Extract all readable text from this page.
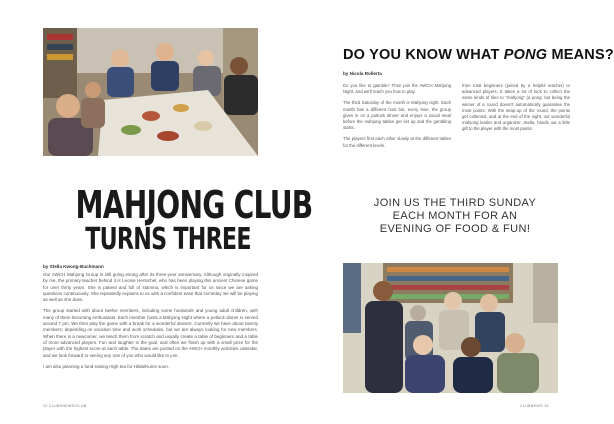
DO YOU KNOW WHAT PONG MEANS?
by Nicola Rollerta

Do you like to gamble? Then join the AWCH Mahjong Night, and we'll teach you how to play.

The third Saturday of the month is Mahjong night. Each month has a different host but, every time, the group gives in on a potluck dinner and enjoys a social meal before the mahjong tables get set up and the gambling starts.

The players first each other slowly at the different tables for the different levels.

from total beginners (joined by a helpful teacher) to advanced players. It takes a lot of luck to collect the same kinds of tiles to "mahjong" (a pong; but being the winner of a round doesn't automatically guarantee the most points. With the wrap-up of the round, the points get collected, and at the end of the night, our wonderful mahjong leader and organizer, Stella, hands out a little gift to the player with the most points.

MAHJONG CLUB
TURNS THREE
by Stella Kwong-Buchmann

Our AWCH Mahjong Group is still going strong after its three-year anniversary. Although originally inspired by me, the primary teacher behind it is Leonie Hertschel, who has been playing this ancient Chinese game for over thirty years. She is patient and full of stamina, which is important for us since we are asking questions continuously. She repeatedly explains to us with a confident ease that someday we will be playing as well as she does.

The group started with about twelve members, including some husbands and young adult children, with many of them becoming enthusiasts. Each member hosts a Mahjong Night where a potluck dinner is served around 7 pm. We then play the game with a break for a wonderful dessert. Currently we have about twenty members; depending on vacation time and work schedules, but we are always looking for new members. When there is a newcomer, we teach them from scratch and usually create a table of beginners and a table of more advanced players. Fun and laughter is the goal, and often we finish up with a small prize for the player with the highest score at each table. The dates are posted on the AWCH monthly activities calendar, and we look forward to seeing any one of you who would like to join.

I am also planning a fund-raising High tea for Hilda/Kunts soon.

JOIN US THE THIRD SUNDAY
EACH MONTH FOR AN
EVENING OF FOOD & FUN!
12 CLUBSNEWS/CLUB	CLUBNEWS 13
